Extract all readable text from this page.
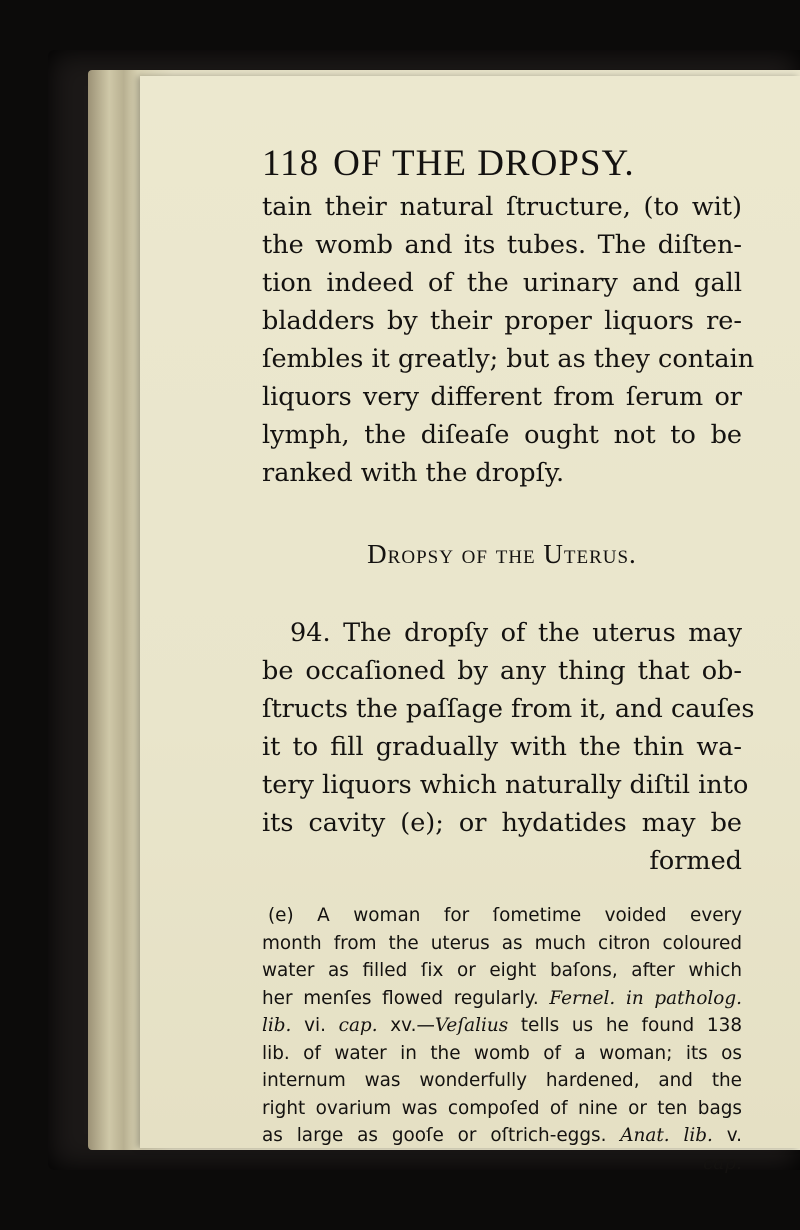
118 OF THE DROPSY.

tain their natural ſtructure, (to wit)

the womb and its tubes. The diſten-

tion indeed of the urinary and gall

bladders by their proper liquors re-

ſembles it greatly; but as they contain

liquors very different from ſerum or

lymph, the diſeaſe ought not to be

ranked with the dropſy.

Dropsy of the Uterus.

94. The dropſy of the uterus may

be occaſioned by any thing that ob-

ſtructs the paſſage from it, and cauſes

it to fill gradually with the thin wa-

tery liquors which naturally diſtil into

its cavity (e); or hydatides may be

formed

(e) A woman for ſometime voided every

month from the uterus as much citron coloured

water as filled ſix or eight baſons, after which

her menſes flowed regularly. Fernel. in patholog.

lib. vi. cap. xv.—Veſalius tells us he found 138

lib. of water in the womb of a woman; its os

internum was wonderfully hardened, and the

right ovarium was compoſed of nine or ten bags

as large as gooſe or oſtrich-eggs. Anat. lib. v.

cap.
